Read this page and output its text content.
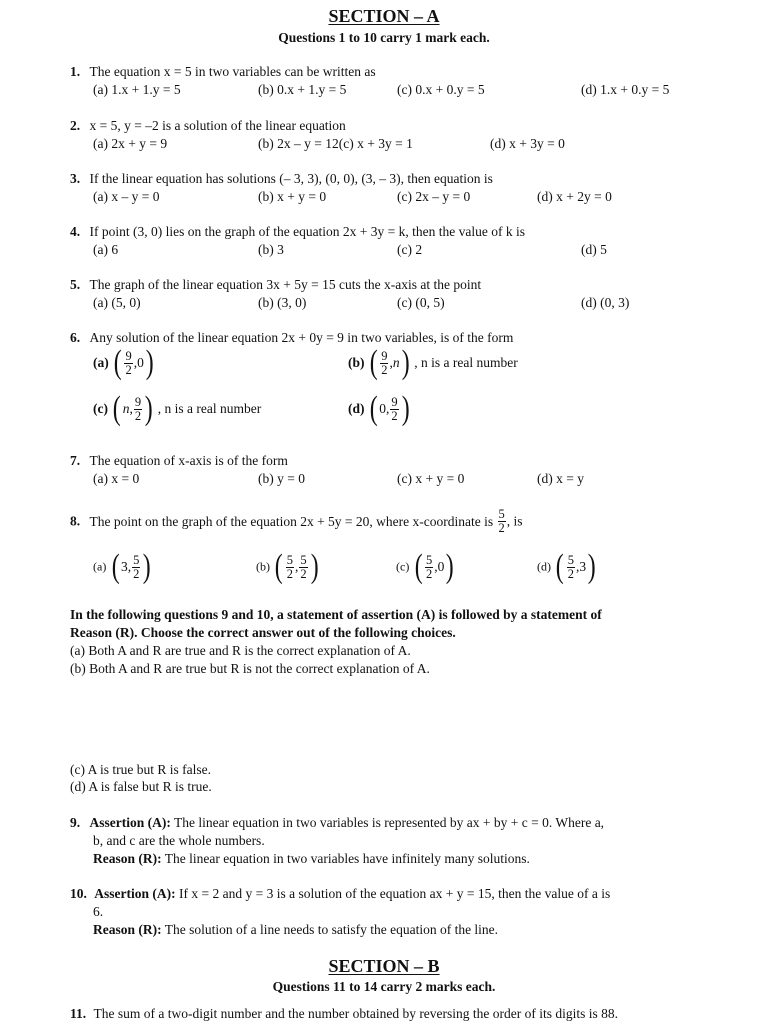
SECTION – A
Questions 1 to 10 carry 1 mark each.
1. The equation x = 5 in two variables can be written as
(a) 1.x + 1.y = 5	(b) 0.x + 1.y = 5	(c) 0.x + 0.y = 5	(d) 1.x + 0.y = 5
2. x = 5, y = –2 is a solution of the linear equation
(a) 2x + y = 9	(b) 2x – y = 12(c) x + 3y = 1	(d) x + 3y = 0
3. If the linear equation has solutions (– 3, 3), (0, 0), (3, – 3), then equation is
(a) x – y = 0	(b) x + y = 0	(c) 2x – y = 0	(d) x + 2y = 0
4. If point (3, 0) lies on the graph of the equation 2x + 3y = k, then the value of k is
(a) 6	(b) 3	(c) 2	(d) 5
5. The graph of the linear equation 3x + 5y = 15 cuts the x-axis at the point
(a) (5, 0)	(b) (3, 0)	(c) (0, 5)	(d) (0, 3)
6. Any solution of the linear equation 2x + 0y = 9 in two variables, is of the form
(a) ( $\frac{9}{2}$ , 0 )	(b) ( $\frac{9}{2}$ , n ) , n is a real number
(c) ( n , $\frac{9}{2}$ ) , n is a real number	(d) ( 0 , $\frac{9}{2}$ )
7. The equation of x-axis is of the form
(a) x = 0	(b) y = 0	(c) x + y = 0	(d) x = y
8. The point on the graph of the equation 2x + 5y = 20, where x-coordinate is $\frac{5}{2}$ , is
(a) ( 3 , $\frac{5}{2}$ )	(b) ( $\frac{5}{2}$ , $\frac{5}{2}$ )	(c) ( $\frac{5}{2}$ , 0 )	(d) ( $\frac{5}{2}$ , 3 )
In the following questions 9 and 10, a statement of assertion (A) is followed by a statement of
Reason (R). Choose the correct answer out of the following choices.
(a) Both A and R are true and R is the correct explanation of A.
(b) Both A and R are true but R is not the correct explanation of A.
(c) A is true but R is false.
(d) A is false but R is true.
9. Assertion (A): The linear equation in two variables is represented by ax + by + c = 0. Where a,
b, and c are the whole numbers.
Reason (R): The linear equation in two variables have infinitely many solutions.
10. Assertion (A): If x = 2 and y = 3 is a solution of the equation ax + y = 15, then the value of a is
6.
Reason (R): The solution of a line needs to satisfy the equation of the line.
SECTION – B
Questions 11 to 14 carry 2 marks each.
11. The sum of a two-digit number and the number obtained by reversing the order of its digits is 88.
